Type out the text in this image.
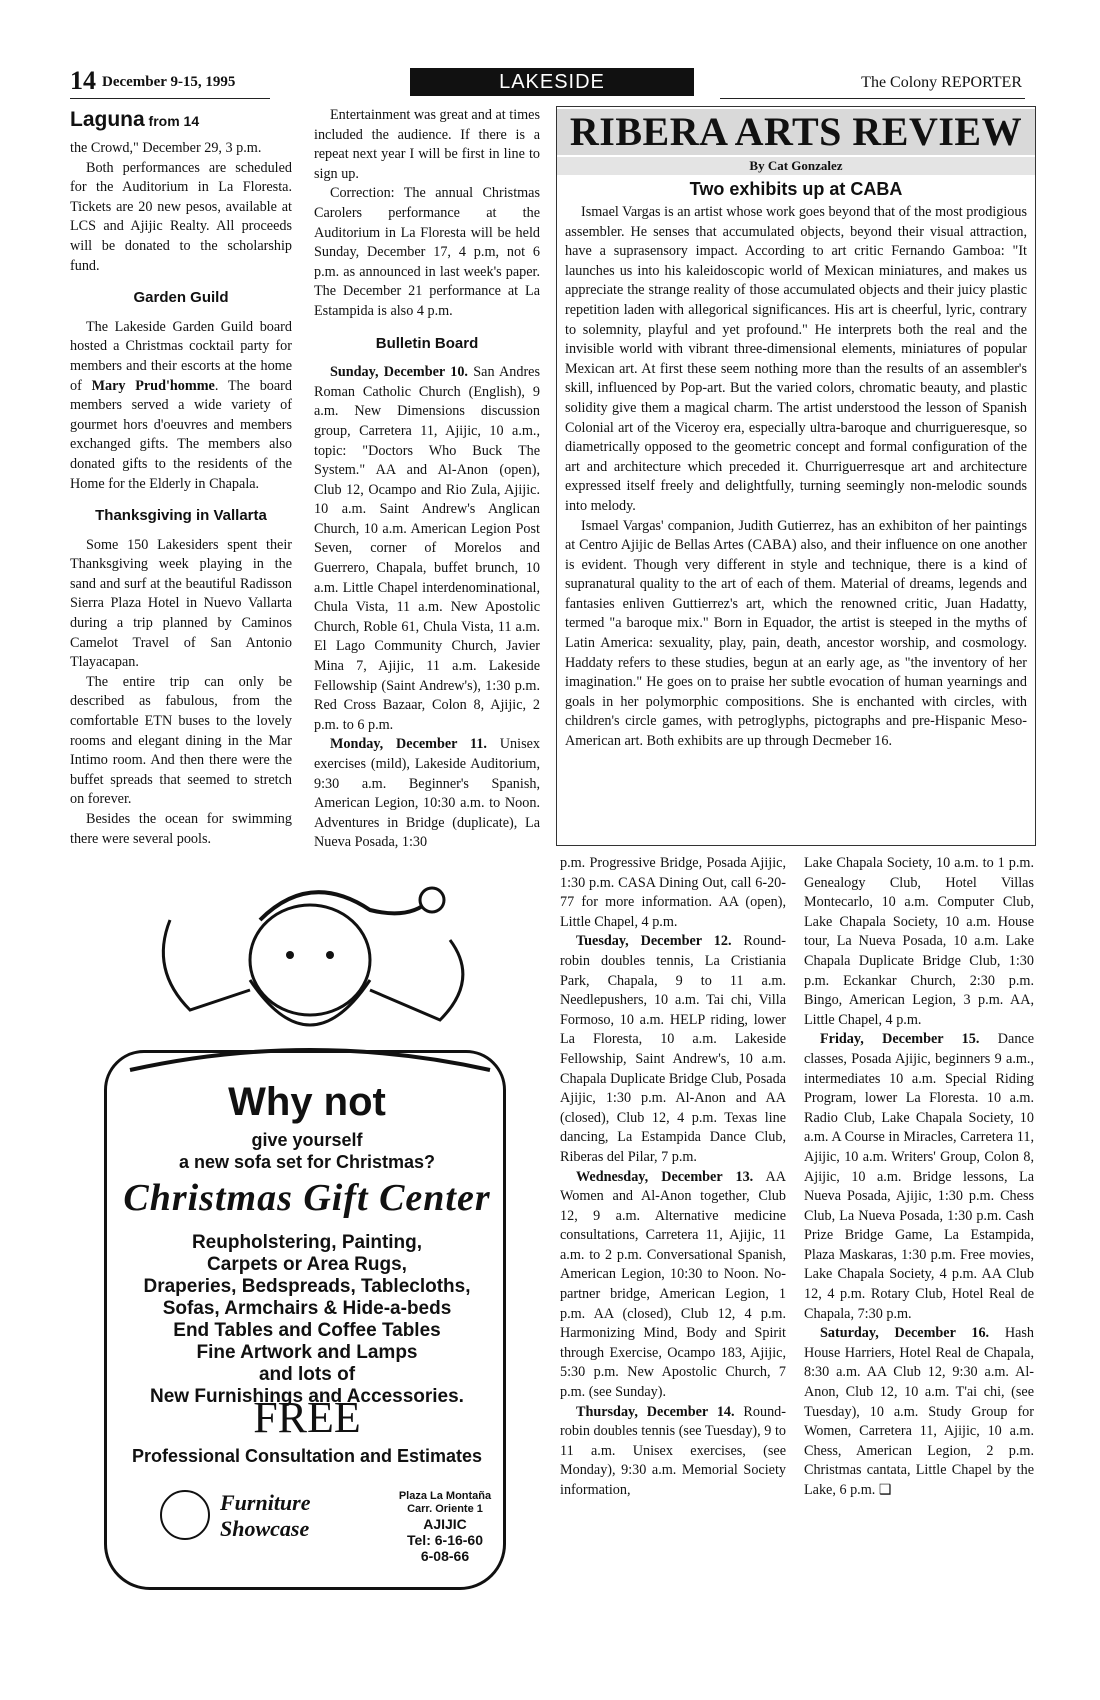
14 December 9-15, 1995	LAKESIDE	The Colony REPORTER
Laguna from 14

the Crowd," December 29, 3 p.m.

Both performances are scheduled for the Auditorium in La Floresta. Tickets are 20 new pesos, available at LCS and Ajijic Realty. All proceeds will be donated to the scholarship fund.

Garden Guild

The Lakeside Garden Guild board hosted a Christmas cocktail party for members and their escorts at the home of Mary Prud'homme. The board members served a wide variety of gourmet hors d'oeuvres and members exchanged gifts. The members also donated gifts to the residents of the Home for the Elderly in Chapala.

Thanksgiving in Vallarta

Some 150 Lakesiders spent their Thanksgiving week playing in the sand and surf at the beautiful Radisson Sierra Plaza Hotel in Nuevo Vallarta during a trip planned by Caminos Camelot Travel of San Antonio Tlayacapan.

The entire trip can only be described as fabulous, from the comfortable ETN buses to the lovely rooms and elegant dining in the Mar Intimo room. And then there were the buffet spreads that seemed to stretch on forever.

Besides the ocean for swimming there were several pools.

Entertainment was great and at times included the audience. If there is a repeat next year I will be first in line to sign up.

Correction: The annual Christmas Carolers performance at the Auditorium in La Floresta will be held Sunday, December 17, 4 p.m, not 6 p.m. as announced in last week's paper. The December 21 performance at La Estampida is also 4 p.m.

Bulletin Board

Sunday, December 10. San Andres Roman Catholic Church (English), 9 a.m. New Dimensions discussion group, Carretera 11, Ajijic, 10 a.m., topic: "Doctors Who Buck The System." AA and Al-Anon (open), Club 12, Ocampo and Rio Zula, Ajijic. 10 a.m. Saint Andrew's Anglican Church, 10 a.m. American Legion Post Seven, corner of Morelos and Guerrero, Chapala, buffet brunch, 10 a.m. Little Chapel interdenominational, Chula Vista, 11 a.m. New Apostolic Church, Roble 61, Chula Vista, 11 a.m. El Lago Community Church, Javier Mina 7, Ajijic, 11 a.m. Lakeside Fellowship (Saint Andrew's), 1:30 p.m. Red Cross Bazaar, Colon 8, Ajijic, 2 p.m. to 6 p.m.

Monday, December 11. Unisex exercises (mild), Lakeside Auditorium, 9:30 a.m. Beginner's Spanish, American Legion, 10:30 a.m. to Noon. Adventures in Bridge (duplicate), La Nueva Posada, 1:30

RIBERA ARTS REVIEW
By Cat Gonzalez
Two exhibits up at CABA

Ismael Vargas is an artist whose work goes beyond that of the most prodigious assembler. He senses that accumulated objects, beyond their visual attraction, have a suprasensory impact. According to art critic Fernando Gamboa: "It launches us into his kaleidoscopic world of Mexican miniatures, and makes us appreciate the strange reality of those accumulated objects and their juicy plastic repetition laden with allegorical significances. His art is cheerful, lyric, contrary to solemnity, playful and yet profound." He interprets both the real and the invisible world with vibrant three-dimensional elements, miniatures of popular Mexican art. At first these seem nothing more than the results of an assembler's skill, influenced by Pop-art. But the varied colors, chromatic beauty, and plastic solidity give them a magical charm. The artist understood the lesson of Spanish Colonial art of the Viceroy era, especially ultra-baroque and churrigueresque, so diametrically opposed to the geometric concept and formal configuration of the art and architecture which preceded it. Churriguerresque art and architecture expressed itself freely and delightfully, turning seemingly non-melodic sounds into melody.

Ismael Vargas' companion, Judith Gutierrez, has an exhibiton of her paintings at Centro Ajijic de Bellas Artes (CABA) also, and their influence on one another is evident. Though very different in style and technique, there is a kind of supranatural quality to the art of each of them. Material of dreams, legends and fantasies enliven Guttierrez's art, which the renowned critic, Juan Hadatty, termed "a baroque mix." Born in Equador, the artist is steeped in the myths of Latin America: sexuality, play, pain, death, ancestor worship, and cosmology. Haddaty refers to these studies, begun at an early age, as "the inventory of her imagination." He goes on to praise her subtle evocation of human yearnings and goals in her polymorphic compositions. She is enchanted with circles, with children's circle games, with petroglyphs, pictographs and pre-Hispanic Meso-American art. Both exhibits are up through Decmeber 16.

p.m. Progressive Bridge, Posada Ajijic, 1:30 p.m. CASA Dining Out, call 6-20-77 for more information. AA (open), Little Chapel, 4 p.m.

Tuesday, December 12. Round-robin doubles tennis, La Cristiania Park, Chapala, 9 to 11 a.m. Needlepushers, 10 a.m. Tai chi, Villa Formoso, 10 a.m. HELP riding, lower La Floresta, 10 a.m. Lakeside Fellowship, Saint Andrew's, 10 a.m. Chapala Duplicate Bridge Club, Posada Ajijic, 1:30 p.m. Al-Anon and AA (closed), Club 12, 4 p.m. Texas line dancing, La Estampida Dance Club, Riberas del Pilar, 7 p.m.

Wednesday, December 13. AA Women and Al-Anon together, Club 12, 9 a.m. Alternative medicine consultations, Carretera 11, Ajijic, 11 a.m. to 2 p.m. Conversational Spanish, American Legion, 10:30 to Noon. No-partner bridge, American Legion, 1 p.m. AA (closed), Club 12, 4 p.m. Harmonizing Mind, Body and Spirit through Exercise, Ocampo 183, Ajijic, 5:30 p.m. New Apostolic Church, 7 p.m. (see Sunday).

Thursday, December 14. Round-robin doubles tennis (see Tuesday), 9 to 11 a.m. Unisex exercises, (see Monday), 9:30 a.m. Memorial Society information,

Lake Chapala Society, 10 a.m. to 1 p.m. Genealogy Club, Hotel Villas Montecarlo, 10 a.m. Computer Club, Lake Chapala Society, 10 a.m. House tour, La Nueva Posada, 10 a.m. Lake Chapala Duplicate Bridge Club, 1:30 p.m. Eckankar Church, 2:30 p.m. Bingo, American Legion, 3 p.m. AA, Little Chapel, 4 p.m.

Friday, December 15. Dance classes, Posada Ajijic, beginners 9 a.m., intermediates 10 a.m. Special Riding Program, lower La Floresta. 10 a.m. Radio Club, Lake Chapala Society, 10 a.m. A Course in Miracles, Carretera 11, Ajijic, 10 a.m. Writers' Group, Colon 8, Ajijic, 10 a.m. Bridge lessons, La Nueva Posada, Ajijic, 1:30 p.m. Chess Club, La Nueva Posada, 1:30 p.m. Cash Prize Bridge Game, La Estampida, Plaza Maskaras, 1:30 p.m. Free movies, Lake Chapala Society, 4 p.m. AA Club 12, 4 p.m. Rotary Club, Hotel Real de Chapala, 7:30 p.m.

Saturday, December 16. Hash House Harriers, Hotel Real de Chapala, 8:30 a.m. AA Club 12, 9:30 a.m. Al-Anon, Club 12, 10 a.m. T'ai chi, (see Tuesday), 10 a.m. Study Group for Women, Carretera 11, Ajijic, 10 a.m. Chess, American Legion, 2 p.m. Christmas cantata, Little Chapel by the Lake, 6 p.m. ❑

Why not
give yourself
a new sofa set for Christmas?
Christmas Gift Center
Reupholstering, Painting,
Carpets or Area Rugs,
Draperies, Bedspreads, Tablecloths,
Sofas, Armchairs & Hide-a-beds
End Tables and Coffee Tables
Fine Artwork and Lamps
and lots of
New Furnishings and Accessories.
FREE
Professional Consultation and Estimates
Furniture
Showcase
Plaza La Montaña
Carr. Oriente 1
AJIJIC
Tel: 6-16-60
6-08-66
